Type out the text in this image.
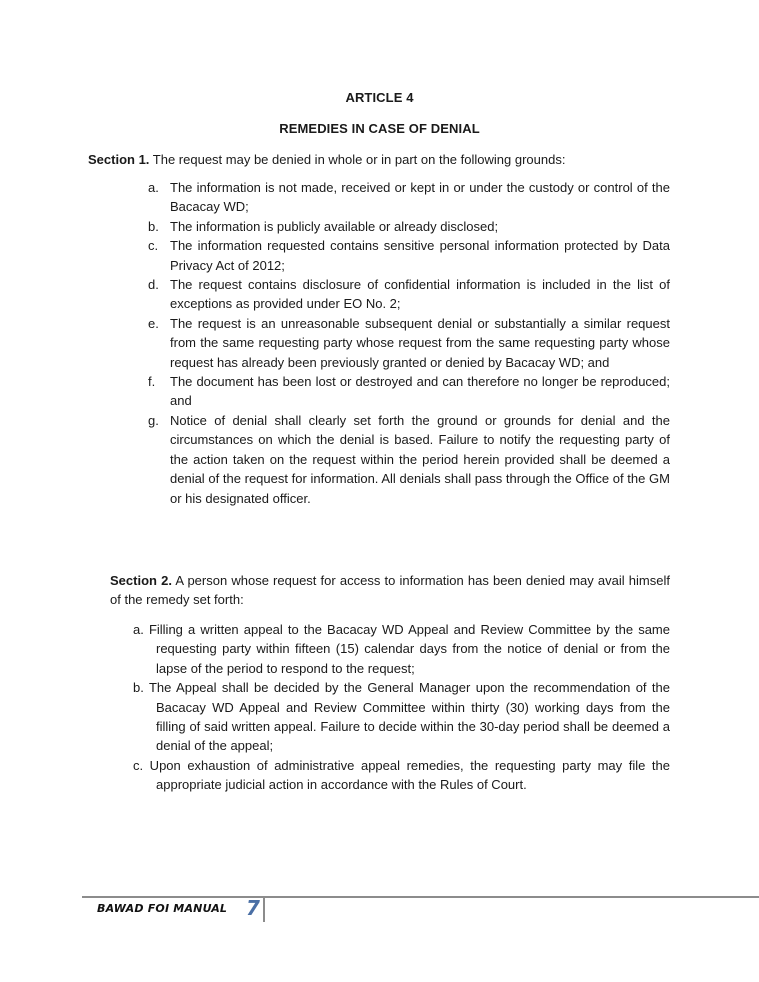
ARTICLE 4
REMEDIES IN CASE OF DENIAL
Section 1. The request may be denied in whole or in part on the following grounds:
a. The information is not made, received or kept in or under the custody or control of the Bacacay WD;
b. The information is publicly available or already disclosed;
c. The information requested contains sensitive personal information protected by Data Privacy Act of 2012;
d. The request contains disclosure of confidential information is included in the list of exceptions as provided under EO No. 2;
e. The request is an unreasonable subsequent denial or substantially a similar request from the same requesting party whose request from the same requesting party whose request has already been previously granted or denied by Bacacay WD; and
f. The document has been lost or destroyed and can therefore no longer be reproduced; and
g. Notice of denial shall clearly set forth the ground or grounds for denial and the circumstances on which the denial is based. Failure to notify the requesting party of the action taken on the request within the period herein provided shall be deemed a denial of the request for information. All denials shall pass through the Office of the GM or his designated officer.
Section 2. A person whose request for access to information has been denied may avail himself of the remedy set forth:
a. Filling a written appeal to the Bacacay WD Appeal and Review Committee by the same requesting party within fifteen (15) calendar days from the notice of denial or from the lapse of the period to respond to the request;
b. The Appeal shall be decided by the General Manager upon the recommendation of the Bacacay WD Appeal and Review Committee within thirty (30) working days from the filling of said written appeal. Failure to decide within the 30-day period shall be deemed a denial of the appeal;
c. Upon exhaustion of administrative appeal remedies, the requesting party may file the appropriate judicial action in accordance with the Rules of Court.
BAWAD FOI MANUAL 7
